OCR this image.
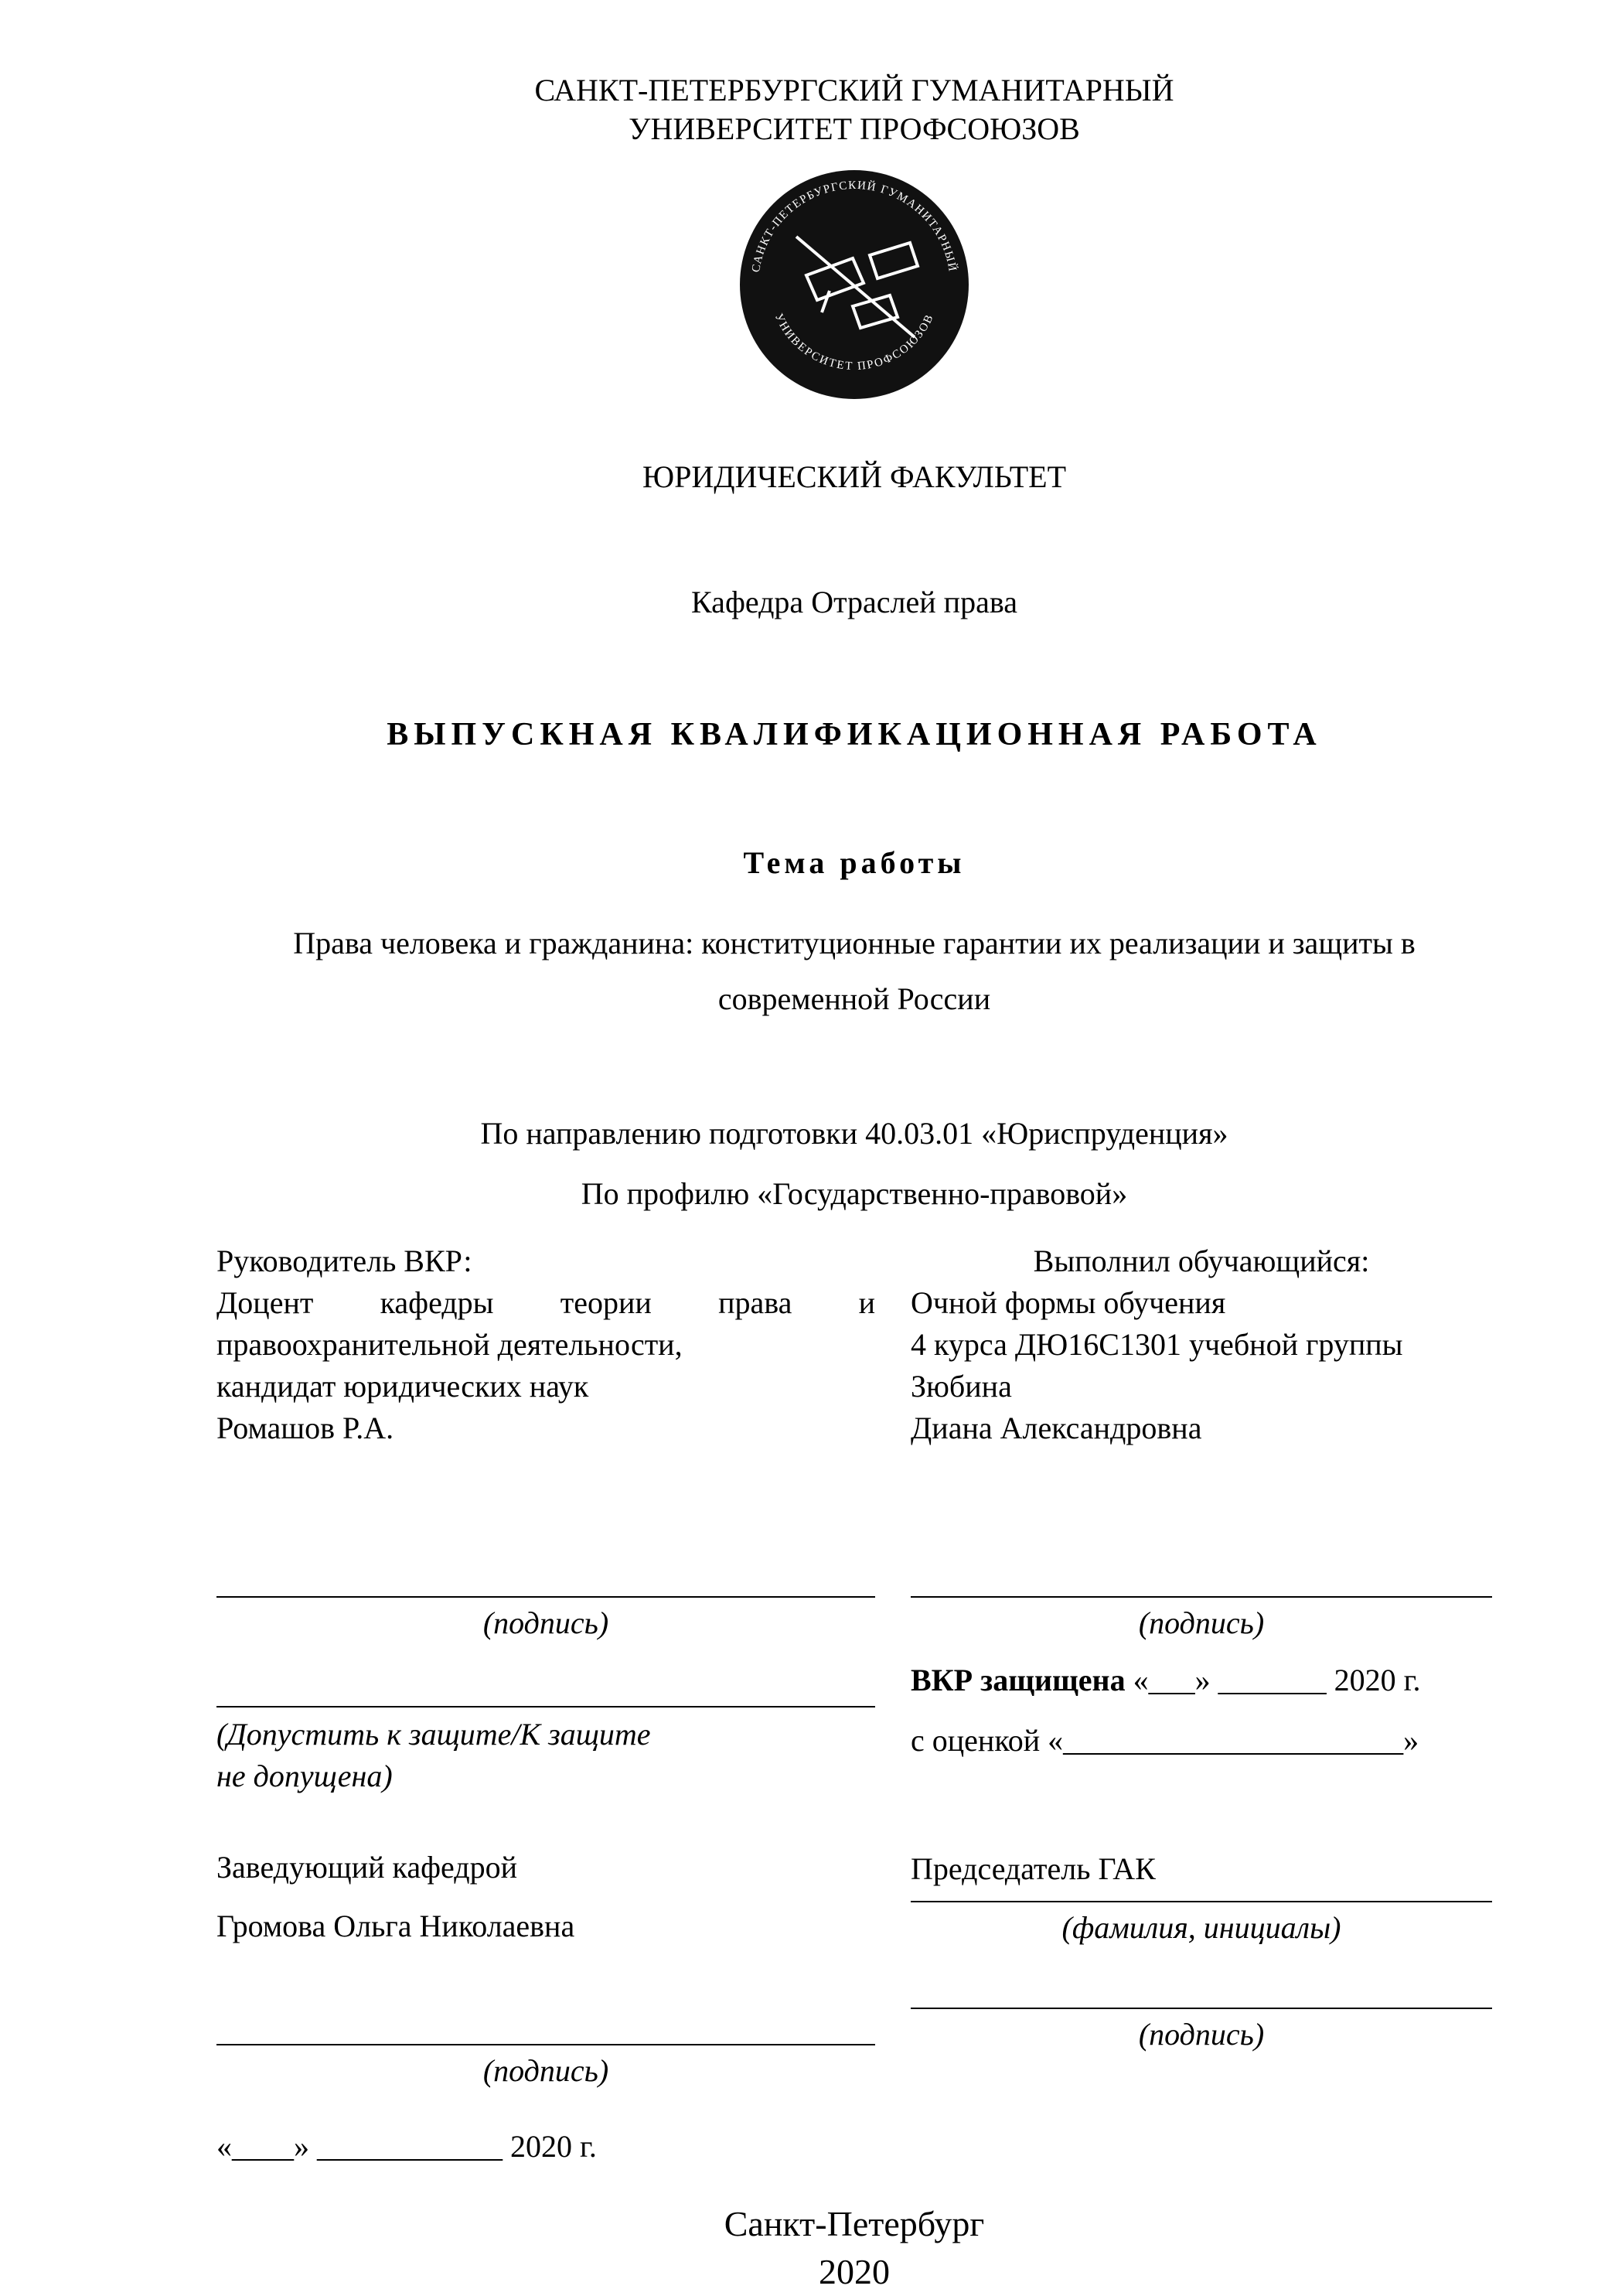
САНКТ-ПЕТЕРБУРГСКИЙ ГУМАНИТАРНЫЙ
УНИВЕРСИТЕТ ПРОФСОЮЗОВ
САНКТ-ПЕТЕРБУРГСКИЙ ГУМАНИТАРНЫЙ
УНИВЕРСИТЕТ ПРОФСОЮЗОВ
ЮРИДИЧЕСКИЙ ФАКУЛЬТЕТ
Кафедра Отраслей права
ВЫПУСКНАЯ КВАЛИФИКАЦИОННАЯ РАБОТА
Тема работы
Права человека и гражданина: конституционные гарантии их реализации и защиты в современной России
По направлению подготовки 40.03.01 «Юриспруденция»
По профилю «Государственно-правовой»
Руководитель ВКР:
Доцент кафедры теории права и
правоохранительной деятельности,
кандидат юридических наук
Ромашов Р.А.
(подпись)
(Допустить к защите/К защите не допущена)
Заведующий кафедрой
Громова Ольга Николаевна
(подпись)
«____» ____________ 2020 г.
Выполнил обучающийся:
Очной формы обучения
4 курса ДЮ16С1301 учебной группы
Зюбина
Диана Александровна
(подпись)
ВКР защищена «___» _______ 2020 г.
с оценкой «______________________»
Председатель ГАК
(фамилия, инициалы)
(подпись)
Санкт-Петербург
2020
